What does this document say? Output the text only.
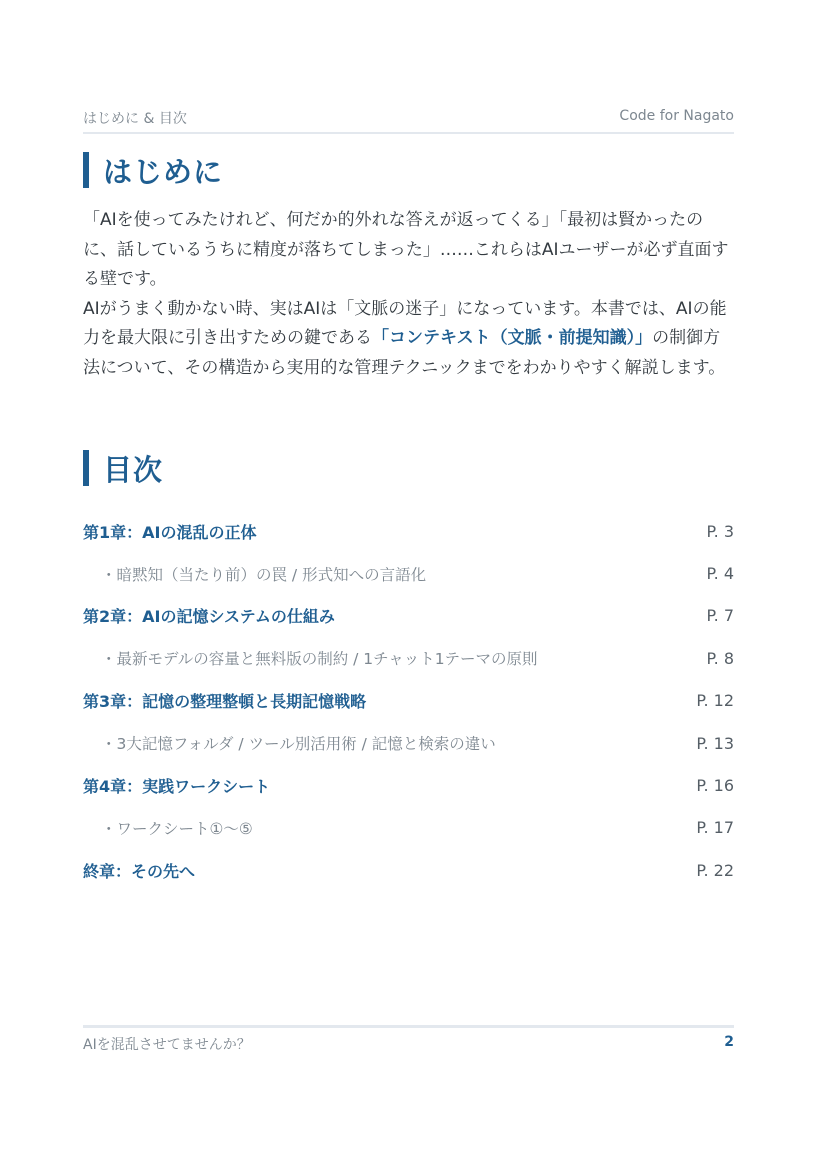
はじめに & 目次	Code for Nagato
はじめに

「AIを使ってみたけれど、何だか的外れな答えが返ってくる」「最初は賢かったのに、話しているうちに精度が落ちてしまった」……これらはAIユーザーが必ず直面する壁です。

AIがうまく動かない時、実はAIは「文脈の迷子」になっています。本書では、AIの能力を最大限に引き出すための鍵である「コンテキスト（文脈・前提知識）」の制御方法について、その構造から実用的な管理テクニックまでをわかりやすく解説します。

目次
第1章：AIの混乱の正体	P. 3
・暗黙知（当たり前）の罠 / 形式知への言語化	P. 4
第2章：AIの記憶システムの仕組み	P. 7
・最新モデルの容量と無料版の制約 / 1チャット1テーマの原則	P. 8
第3章：記憶の整理整頓と長期記憶戦略	P. 12
・3大記憶フォルダ / ツール別活用術 / 記憶と検索の違い	P. 13
第4章：実践ワークシート	P. 16
・ワークシート①〜⑤	P. 17
終章：その先へ	P. 22
AIを混乱させてませんか？	2
